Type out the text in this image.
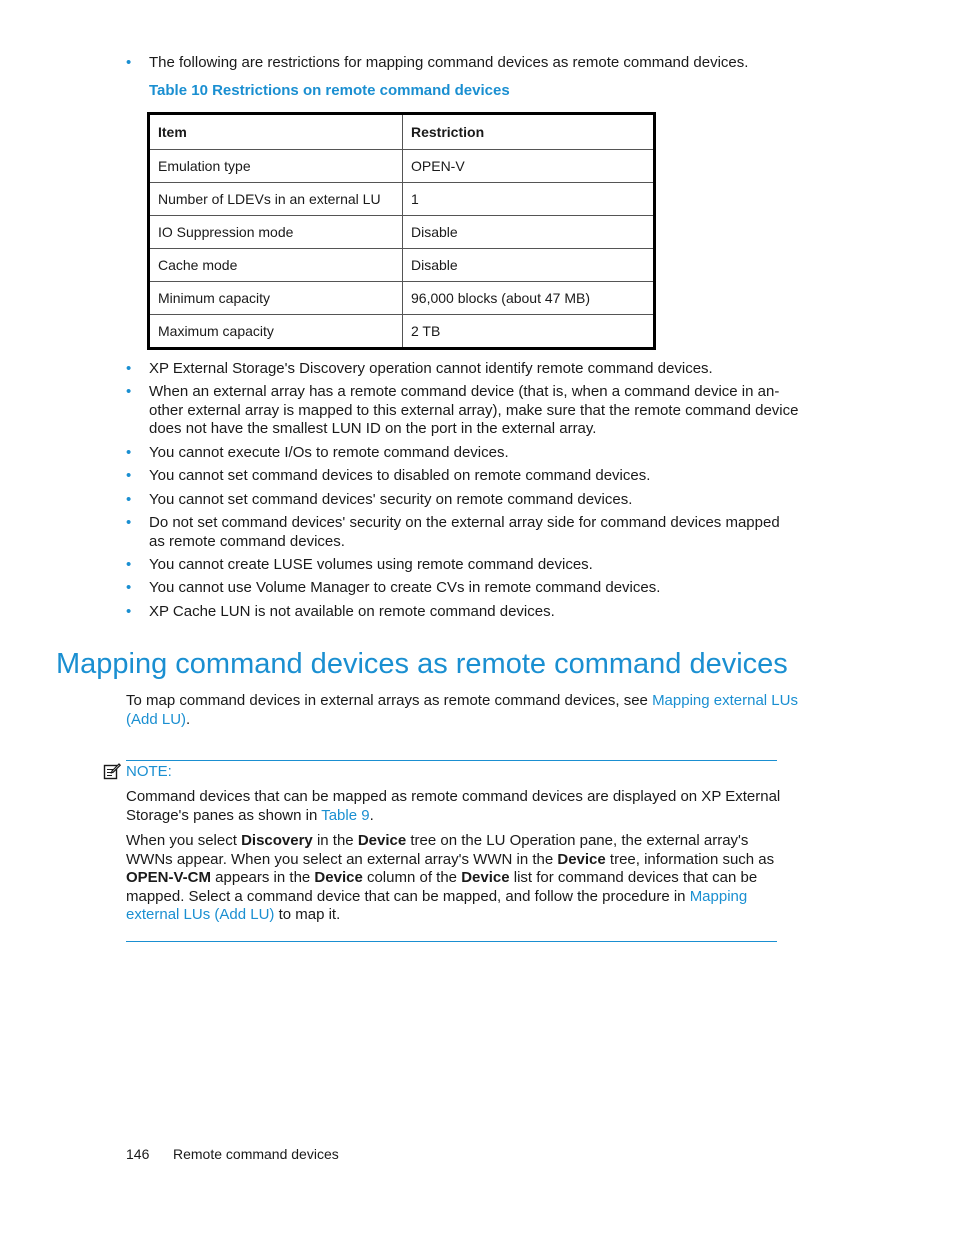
• The following are restrictions for mapping command devices as remote command devices.
Table 10 Restrictions on remote command devices
Item	Restriction
Emulation type	OPEN-V
Number of LDEVs in an external LU	1
IO Suppression mode	Disable
Cache mode	Disable
Minimum capacity	96,000 blocks (about 47 MB)
Maximum capacity	2 TB
• XP External Storage's Discovery operation cannot identify remote command devices.
• When an external array has a remote command device (that is, when a command device in an-other external array is mapped to this external array), make sure that the remote command device does not have the smallest LUN ID on the port in the external array.
• You cannot execute I/Os to remote command devices.
• You cannot set command devices to disabled on remote command devices.
• You cannot set command devices' security on remote command devices.
• Do not set command devices' security on the external array side for command devices mapped as remote command devices.
• You cannot create LUSE volumes using remote command devices.
• You cannot use Volume Manager to create CVs in remote command devices.
• XP Cache LUN is not available on remote command devices.
Mapping command devices as remote command devices
To map command devices in external arrays as remote command devices, see Mapping external LUs (Add LU).
NOTE:
Command devices that can be mapped as remote command devices are displayed on XP External Storage's panes as shown in Table 9.
When you select Discovery in the Device tree on the LU Operation pane, the external array's WWNs appear. When you select an external array's WWN in the Device tree, information such as OPEN-V-CM appears in the Device column of the Device list for command devices that can be mapped. Select a command device that can be mapped, and follow the procedure in Mapping external LUs (Add LU) to map it.
146 Remote command devices
